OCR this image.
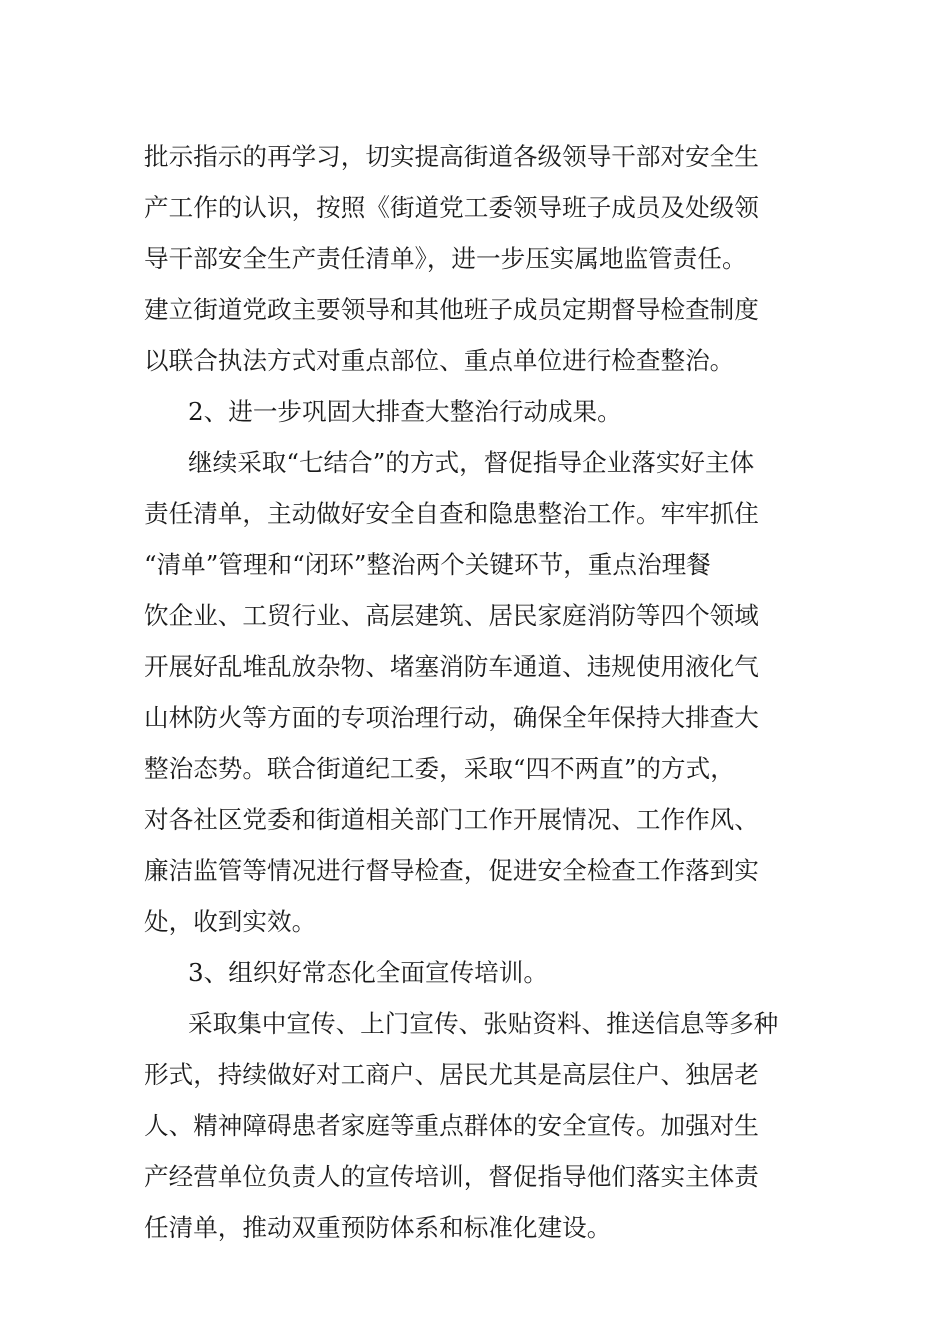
批示指示的再学习，切实提高街道各级领导干部对安全生
产工作的认识，按照《街道党工委领导班子成员及处级领
导干部安全生产责任清单》，进一步压实属地监管责任。
建立街道党政主要领导和其他班子成员定期督导检查制度
以联合执法方式对重点部位、重点单位进行检查整治。
2、进一步巩固大排查大整治行动成果。
继续采取“七结合”的方式，督促指导企业落实好主体
责任清单，主动做好安全自查和隐患整治工作。牢牢抓住
“清单”管理和“闭环”整治两个关键环节，重点治理餐
饮企业、工贸行业、高层建筑、居民家庭消防等四个领域
开展好乱堆乱放杂物、堵塞消防车通道、违规使用液化气
山林防火等方面的专项治理行动，确保全年保持大排查大
整治态势。联合街道纪工委，采取“四不两直”的方式，
对各社区党委和街道相关部门工作开展情况、工作作风、
廉洁监管等情况进行督导检查，促进安全检查工作落到实
处，收到实效。
3、组织好常态化全面宣传培训。
采取集中宣传、上门宣传、张贴资料、推送信息等多种
形式，持续做好对工商户、居民尤其是高层住户、独居老
人、精神障碍患者家庭等重点群体的安全宣传。加强对生
产经营单位负责人的宣传培训，督促指导他们落实主体责
任清单，推动双重预防体系和标准化建设。
